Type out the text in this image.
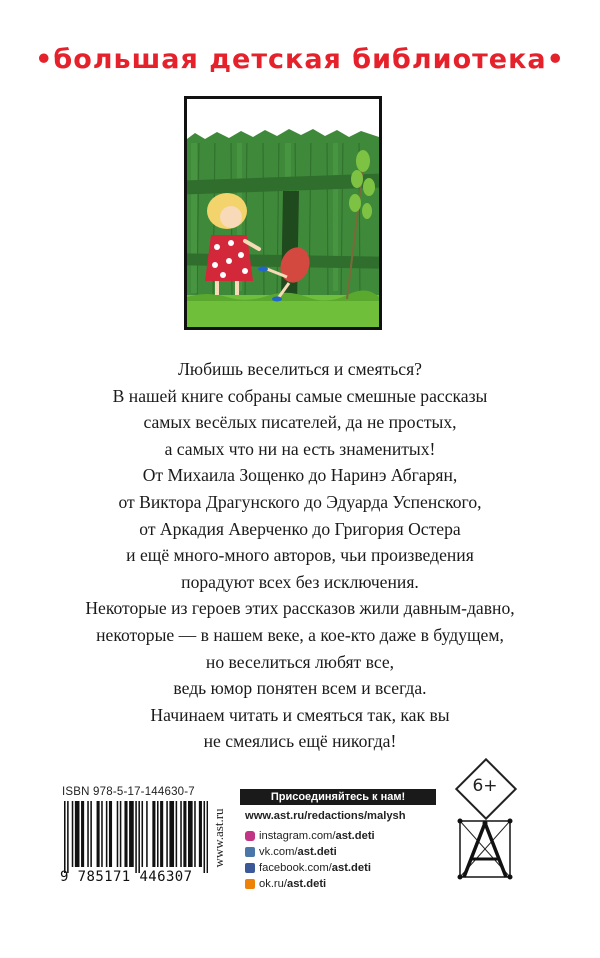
•большая детская библиотека•

Любишь веселиться и смеяться?

В нашей книге собраны самые смешные рассказы

самых весёлых писателей, да не простых,

а самых что ни на есть знаменитых!

От Михаила Зощенко до Наринэ Абгарян,

от Виктора Драгунского до Эдуарда Успенского,

от Аркадия Аверченко до Григория Остера

и ещё много-много авторов, чьи произведения

порадуют всех без исключения.

Некоторые из героев этих рассказов жили давным-давно,

некоторые — в нашем веке, а кое-кто даже в будущем,

но веселиться любят все,

ведь юмор понятен всем и всегда.

Начинаем читать и смеяться так, как вы

не смеялись ещё никогда!

6+
ISBN 978-5-17-144630-7
9 785171 446307
www.ast.ru
Присоединяйтесь к нам!
www.ast.ru/redactions/malysh
instagram.com/ ast.deti
vk.com/ ast.deti
facebook.com/ ast.deti
ok.ru/ ast.deti
